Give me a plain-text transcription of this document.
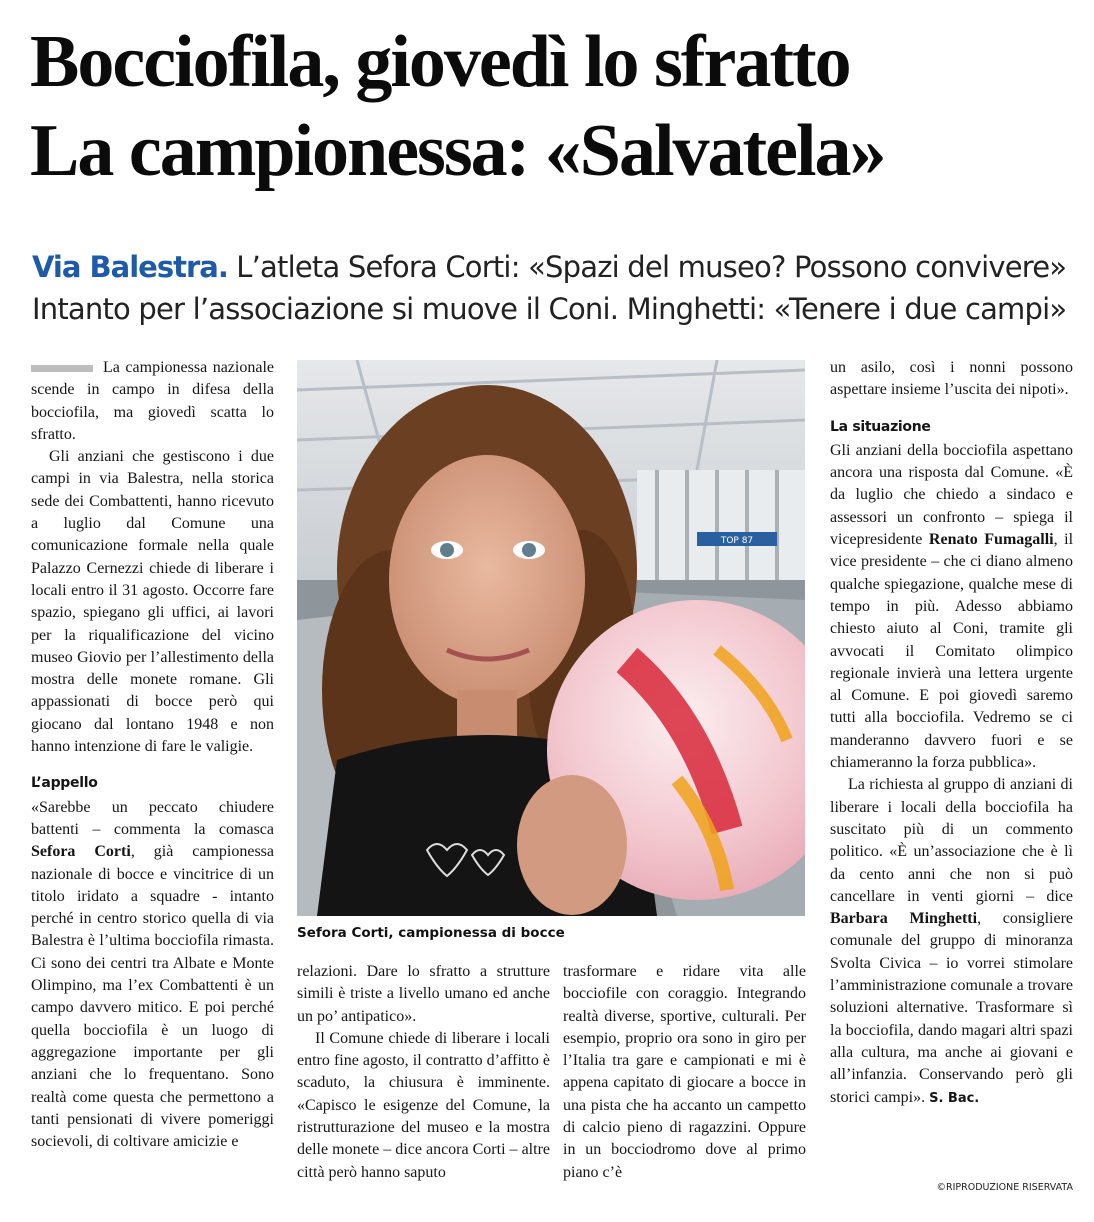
Bocciofila, giovedì lo sfratto
La campionessa: «Salvatela»
Via Balestra. L’atleta Sefora Corti: «Spazi del museo? Possono convivere»
Intanto per l’associazione si muove il Coni. Minghetti: «Tenere i due campi»

La campionessa nazionale scende in campo in difesa della bocciofila, ma giovedì scatta lo sfratto.

Gli anziani che gestiscono i due campi in via Balestra, nella storica sede dei Combattenti, hanno ricevuto a luglio dal Comune una comunicazione formale nella quale Palazzo Cernezzi chiede di liberare i locali entro il 31 agosto. Occorre fare spazio, spiegano gli uffici, ai lavori per la riqualificazione del vicino museo Giovio per l’allestimento della mostra delle monete romane. Gli appassionati di bocce però qui giocano dal lontano 1948 e non hanno intenzione di fare le valigie.

L’appello

«Sarebbe un peccato chiudere battenti – commenta la comasca Sefora Corti, già campionessa nazionale di bocce e vincitrice di un titolo iridato a squadre - intanto perché in centro storico quella di via Balestra è l’ultima bocciofila rimasta. Ci sono dei centri tra Albate e Monte Olimpino, ma l’ex Combattenti è un campo davvero mitico. E poi perché quella bocciofila è un luogo di aggregazione importante per gli anziani che lo frequentano. Sono realtà come questa che permettono a tanti pensionati di vivere pomeriggi socievoli, di coltivare amicizie e

TOP 87
Sefora Corti, campionessa di bocce

relazioni. Dare lo sfratto a strutture simili è triste a livello umano ed anche un po’ antipatico».

Il Comune chiede di liberare i locali entro fine agosto, il contratto d’affitto è scaduto, la chiusura è imminente. «Capisco le esigenze del Comune, la ristrutturazione del museo e la mostra delle monete – dice ancora Corti – altre città però hanno saputo

trasformare e ridare vita alle bocciofile con coraggio. Integrando realtà diverse, sportive, culturali. Per esempio, proprio ora sono in giro per l’Italia tra gare e campionati e mi è appena capitato di giocare a bocce in una pista che ha accanto un campetto di calcio pieno di ragazzini. Oppure in un bocciodromo dove al primo piano c’è

un asilo, così i nonni possono aspettare insieme l’uscita dei nipoti».

La situazione

Gli anziani della bocciofila aspettano ancora una risposta dal Comune. «È da luglio che chiedo a sindaco e assessori un confronto – spiega il vicepresidente Renato Fumagalli, il vice presidente – che ci diano almeno qualche spiegazione, qualche mese di tempo in più. Adesso abbiamo chiesto aiuto al Coni, tramite gli avvocati il Comitato olimpico regionale invierà una lettera urgente al Comune. E poi giovedì saremo tutti alla bocciofila. Vedremo se ci manderanno davvero fuori e se chiameranno la forza pubblica».

La richiesta al gruppo di anziani di liberare i locali della bocciofila ha suscitato più di un commento politico. «È un’associazione che è lì da cento anni che non si può cancellare in venti giorni – dice Barbara Minghetti, consigliere comunale del gruppo di minoranza Svolta Civica – io vorrei stimolare l’amministrazione comunale a trovare soluzioni alternative. Trasformare sì la bocciofila, dando magari altri spazi alla cultura, ma anche ai giovani e all’infanzia. Conservando però gli storici campi». S. Bac.

©RIPRODUZIONE RISERVATA
